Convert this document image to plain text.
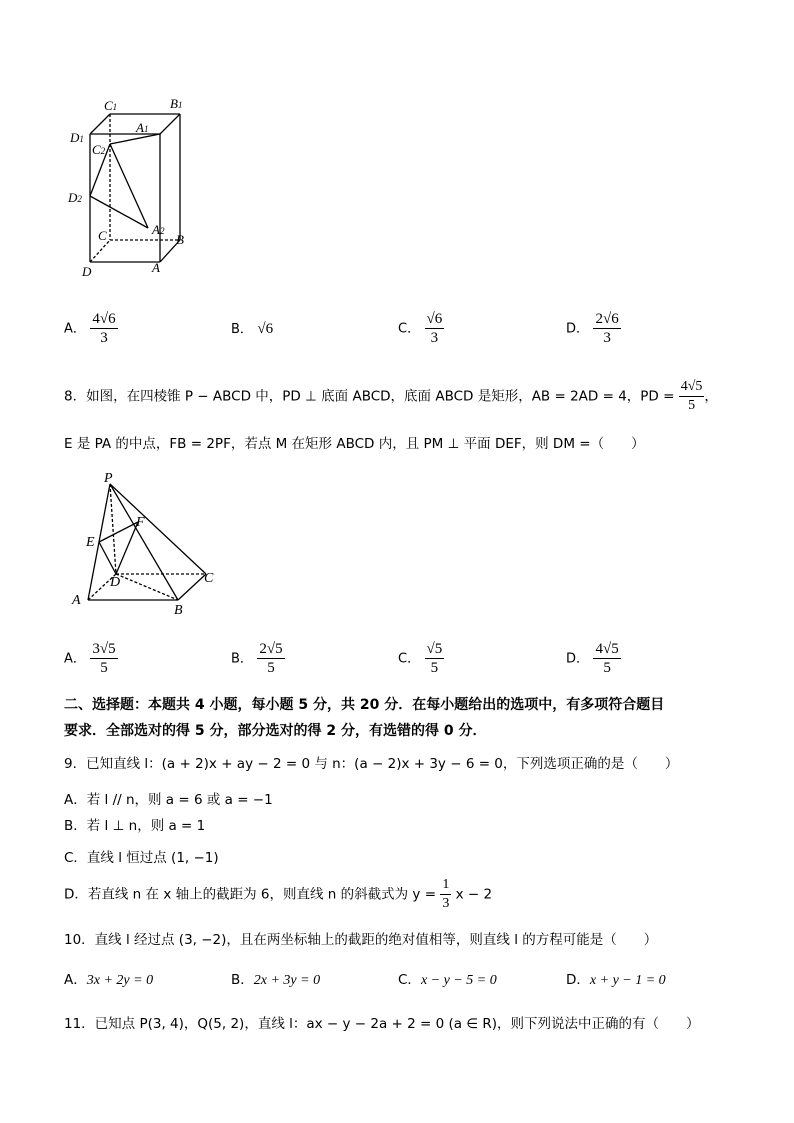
C1	B1
A1
D1
C2
D2
C	A2
B
D	A
A． $\frac{4√6}{3}$	B． √6	C． $\frac{√6}{3}$	D． $\frac{2√6}{3}$
8．如图，在四棱锥 P − ABCD 中，PD ⊥ 底面 ABCD，底面 ABCD 是矩形，AB = 2AD = 4，PD = $\frac{4√5}{5}$ ，
E 是 PA 的中点，FB = 2PF，若点 M 在矩形 ABCD 内，且 PM ⊥ 平面 DEF，则 DM =（　　）
P
E
F
D	C
A
B
A． $\frac{3√5}{5}$	B． $\frac{2√5}{5}$	C． $\frac{√5}{5}$	D． $\frac{4√5}{5}$
二、选择题：本题共 4 小题，每小题 5 分，共 20 分．在每小题给出的选项中，有多项符合题目
要求．全部选对的得 5 分，部分选对的得 2 分，有选错的得 0 分．
9．已知直线 l：(a + 2)x + ay − 2 = 0 与 n：(a − 2)x + 3y − 6 = 0，下列选项正确的是（　　）
A．若 l // n，则 a = 6 或 a = −1
B．若 l ⊥ n，则 a = 1
C．直线 l 恒过点 (1, −1)
D．若直线 n 在 x 轴上的截距为 6，则直线 n 的斜截式为 $y = \frac{1}{3}$ x − 2
10．直线 l 经过点 (3, −2)，且在两坐标轴上的截距的绝对值相等，则直线 l 的方程可能是（　　）
A．3x + 2y = 0	B．2x + 3y = 0	C．x − y − 5 = 0	D．x + y − 1 = 0
11．已知点 P(3, 4)，Q(5, 2)，直线 l：ax − y − 2a + 2 = 0 (a ∈ R)，则下列说法中正确的有（　　）
